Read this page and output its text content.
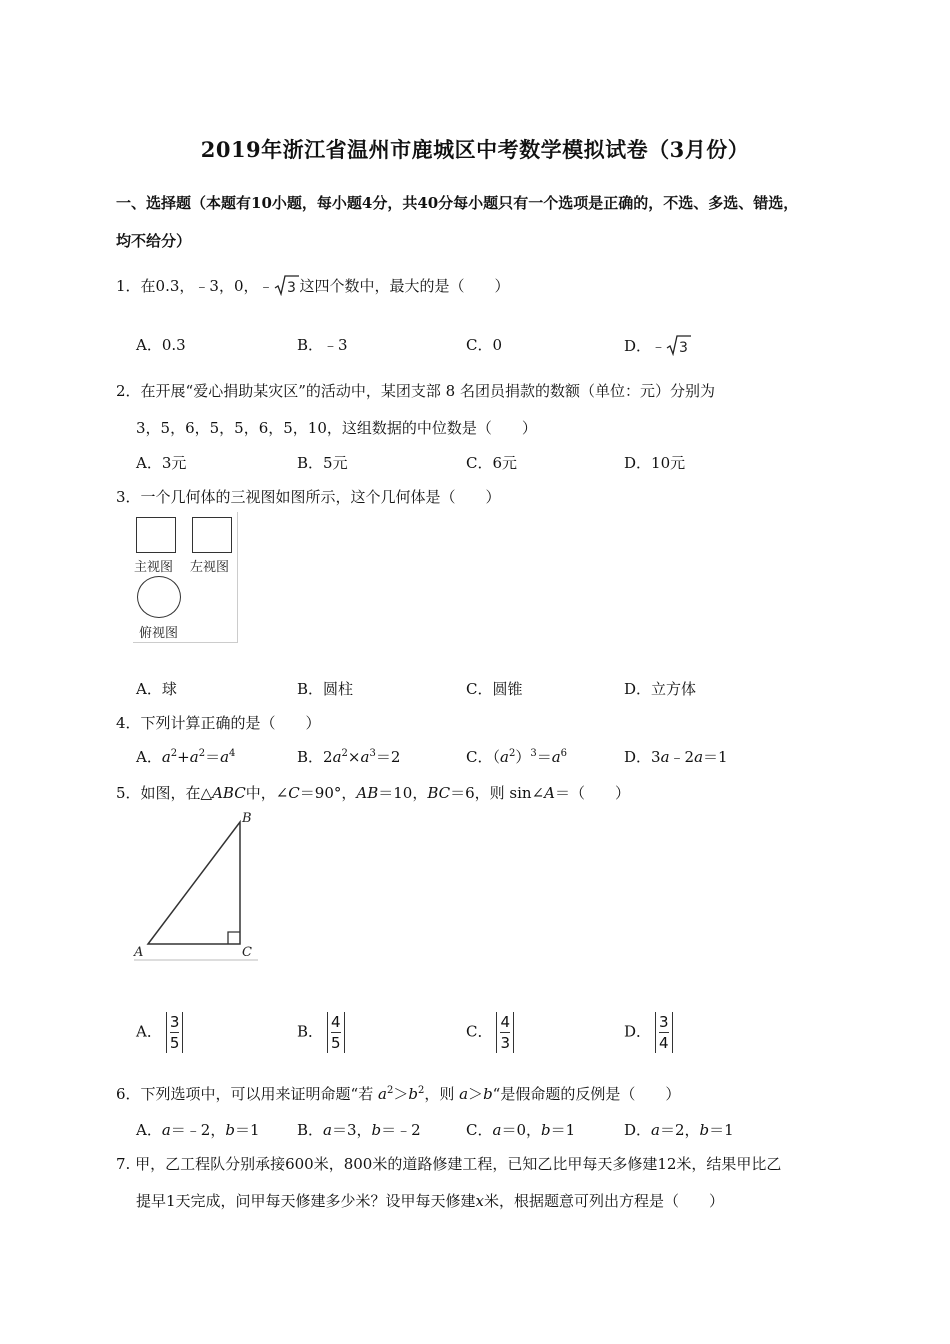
2019年浙江省温州市鹿城区中考数学模拟试卷（3月份）
一、选择题（本题有10小题，每小题4分，共40分每小题只有一个选项是正确的，不选、多选、错选，
均不给分）
1．在0.3，﹣3，0，﹣ 3 这四个数中，最大的是（　　）
A．0.3	B．﹣3	C．0	D．﹣ 3
2．在开展“爱心捐助某灾区”的活动中，某团支部 8 名团员捐款的数额（单位：元）分别为
3，5，6，5，5，6，5，10，这组数据的中位数是（　　）
A．3元	B．5元	C．6元	D．10元
3．一个几何体的三视图如图所示，这个几何体是（　　）
主视图 左视图
俯视图
A．球	B．圆柱	C．圆锥	D．立方体
4．下列计算正确的是（　　）
A．$a^2+a^2=a^4$	B．$2a^2\times a^3=2$	C．$(a^2)^3=a^6$	D．3a﹣2a＝1
5．如图，在△ABC中，∠C＝90°，AB＝10，BC＝6，则 sin∠A＝（　　）
B
A	C
A． $\frac{3}{5}$	B． $\frac{4}{5}$	C． $\frac{4}{3}$	D． $\frac{3}{4}$
6．下列选项中，可以用来证明命题“若 $a^2>b^2$，则 a＞b“是假命题的反例是（　　）
A．a＝﹣2，b＝1	B．a＝3，b＝﹣2	C．a＝0，b＝1	D．a＝2，b＝1
7. 甲，乙工程队分别承接600米，800米的道路修建工程，已知乙比甲每天多修建12米，结果甲比乙
提早1天完成，问甲每天修建多少米？设甲每天修建x米，根据题意可列出方程是（　　）
